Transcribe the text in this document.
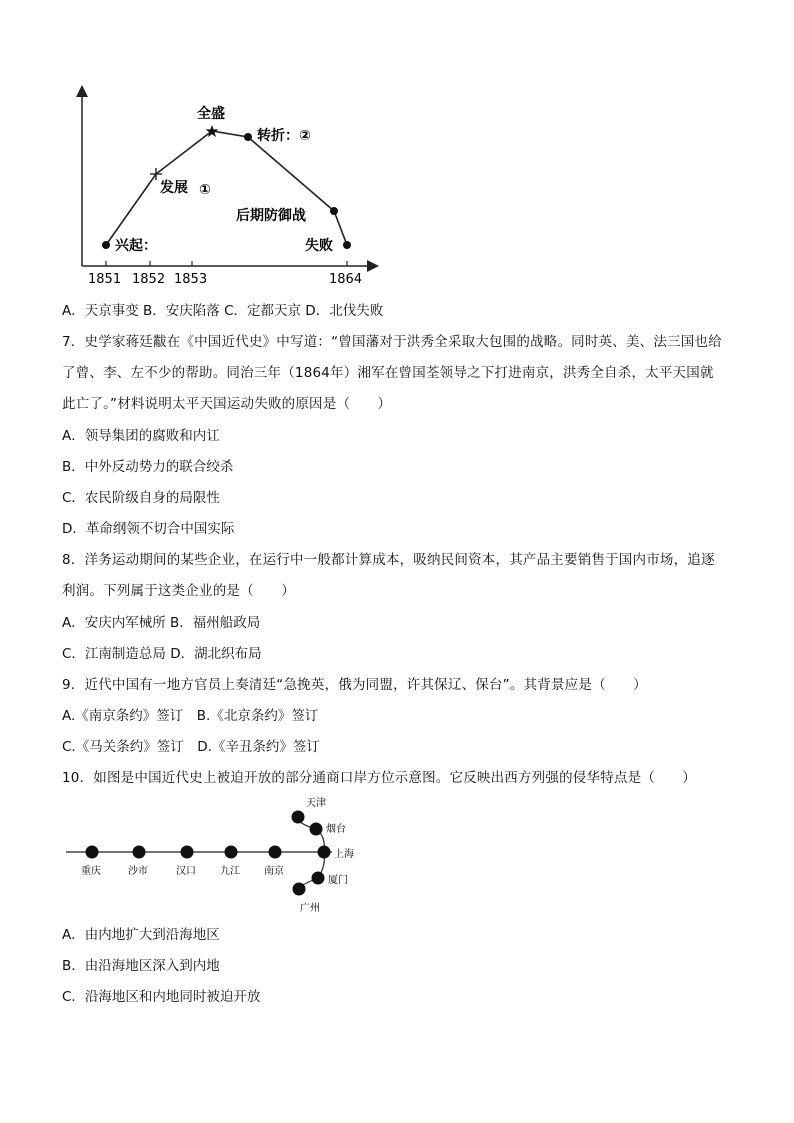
★
全盛
转折：②
发展 ①
后期防御战
兴起：	失败
1851 1852 1853	1864
A．天京事变 B．安庆陷落 C．定都天京 D．北伐失败
7．史学家蒋廷黻在《中国近代史》中写道：“曾国藩对于洪秀全采取大包围的战略。同时英、美、法三国也给
了曾、李、左不少的帮助。同治三年（1864年）湘军在曾国荃领导之下打进南京，洪秀全自杀，太平天国就
此亡了。”材料说明太平天国运动失败的原因是（　　）
A．领导集团的腐败和内讧
B．中外反动势力的联合绞杀
C．农民阶级自身的局限性
D．革命纲领不切合中国实际
8．洋务运动期间的某些企业，在运行中一般都计算成本，吸纳民间资本，其产品主要销售于国内市场，追逐
利润。下列属于这类企业的是（　　）
A．安庆内军械所 B．福州船政局
C．江南制造总局 D．湖北织布局
9．近代中国有一地方官员上奏清廷“急挽英，俄为同盟，许其保辽、保台”。其背景应是（　　）
A.《南京条约》签订　B.《北京条约》签订
C.《马关条约》签订　D.《辛丑条约》签订
10．如图是中国近代史上被迫开放的部分通商口岸方位示意图。它反映出西方列强的侵华特点是（　　）
重庆	沙市	汉口 九江 南京
上海
天津
烟台
厦门
广州
A．由内地扩大到沿海地区
B．由沿海地区深入到内地
C．沿海地区和内地同时被迫开放
